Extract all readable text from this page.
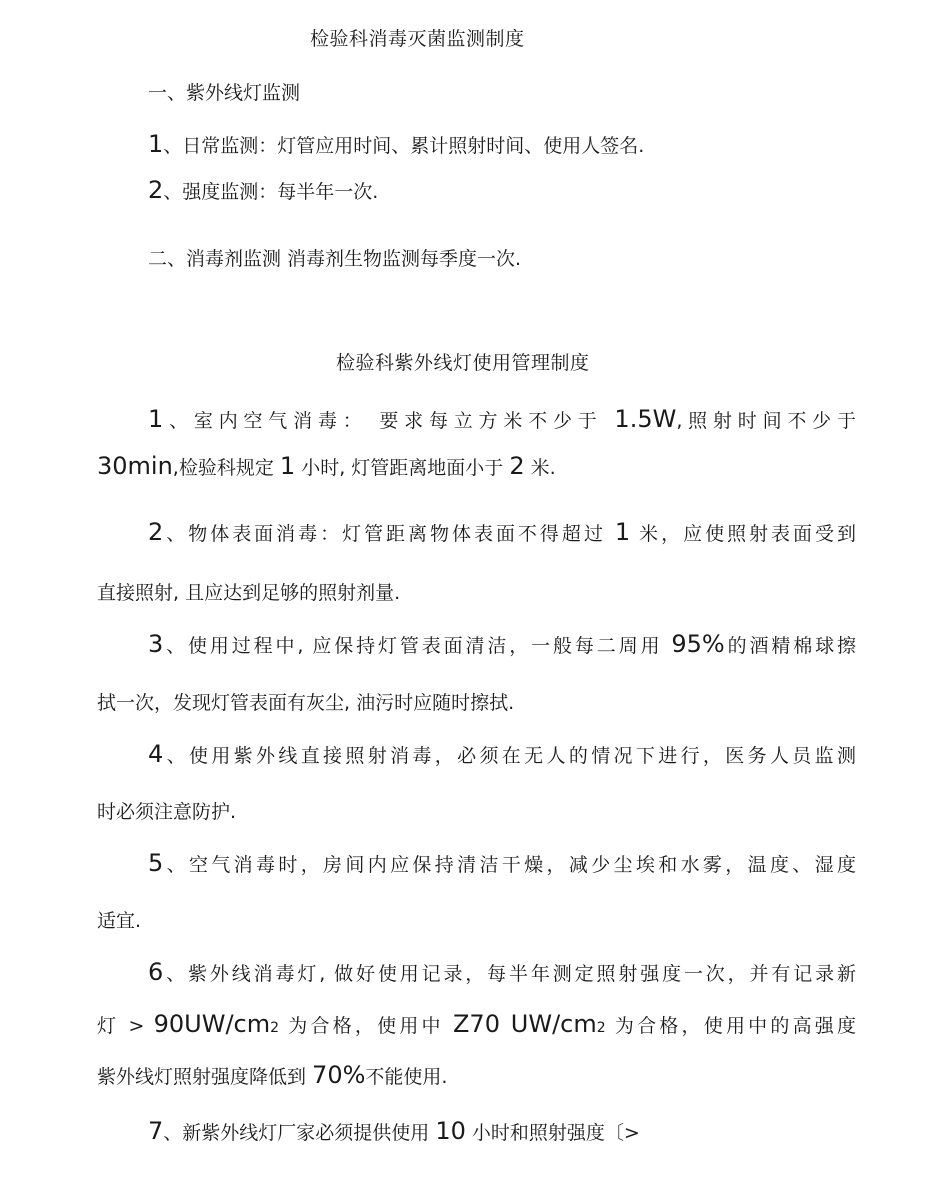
检验科消毒灭菌监测制度
一、紫外线灯监测
1、日常监测：灯管应用时间、累计照射时间、使用人签名.
2、强度监测：每半年一次.
二、消毒剂监测 消毒剂生物监测每季度一次.
检验科紫外线灯使用管理制度
1、室内空气消毒： 要求每立方米不少于 1.5W,照射时间不少于
30min,检验科规定 1 小时, 灯管距离地面小于 2 米.
2、物体表面消毒：灯管距离物体表面不得超过 1 米，应使照射表面受到
直接照射, 且应达到足够的照射剂量.
3、使用过程中, 应保持灯管表面清洁，一般每二周用 95%的酒精棉球擦
拭一次，发现灯管表面有灰尘, 油污时应随时擦拭.
4、使用紫外线直接照射消毒，必须在无人的情况下进行，医务人员监测
时必须注意防护.
5、空气消毒时，房间内应保持清洁干燥，减少尘埃和水雾，温度、湿度
适宜.
6、紫外线消毒灯, 做好使用记录，每半年测定照射强度一次，并有记录新
灯 > 90UW/cm2 为合格，使用中 Z70 UW/cm2 为合格，使用中的高强度
紫外线灯照射强度降低到 70%不能使用.
7、新紫外线灯厂家必须提供使用 10 小时和照射强度〔>
